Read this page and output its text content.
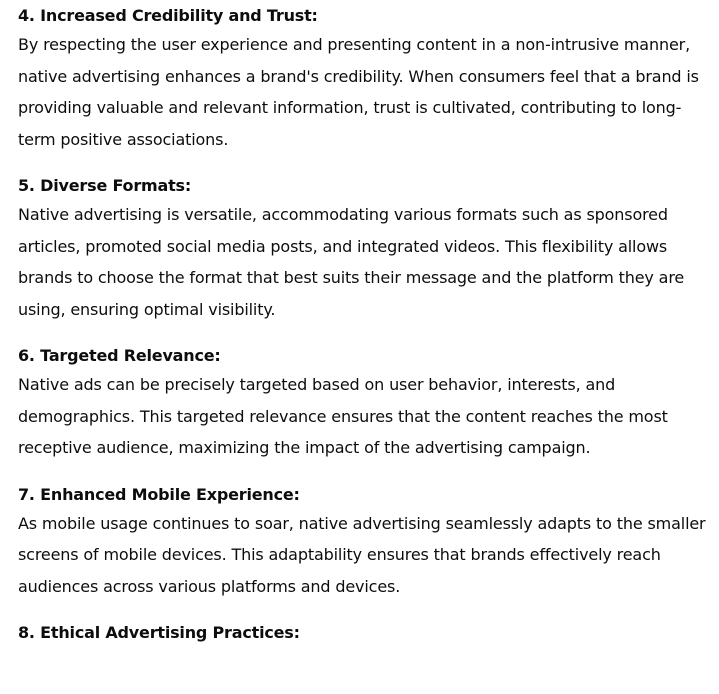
4. Increased Credibility and Trust:

By respecting the user experience and presenting content in a non-intrusive manner,
native advertising enhances a brand's credibility. When consumers feel that a brand is
providing valuable and relevant information, trust is cultivated, contributing to long-
term positive associations.

5. Diverse Formats:

Native advertising is versatile, accommodating various formats such as sponsored
articles, promoted social media posts, and integrated videos. This flexibility allows
brands to choose the format that best suits their message and the platform they are
using, ensuring optimal visibility.

6. Targeted Relevance:

Native ads can be precisely targeted based on user behavior, interests, and
demographics. This targeted relevance ensures that the content reaches the most
receptive audience, maximizing the impact of the advertising campaign.

7. Enhanced Mobile Experience:

As mobile usage continues to soar, native advertising seamlessly adapts to the smaller
screens of mobile devices. This adaptability ensures that brands effectively reach
audiences across various platforms and devices.

8. Ethical Advertising Practices:
